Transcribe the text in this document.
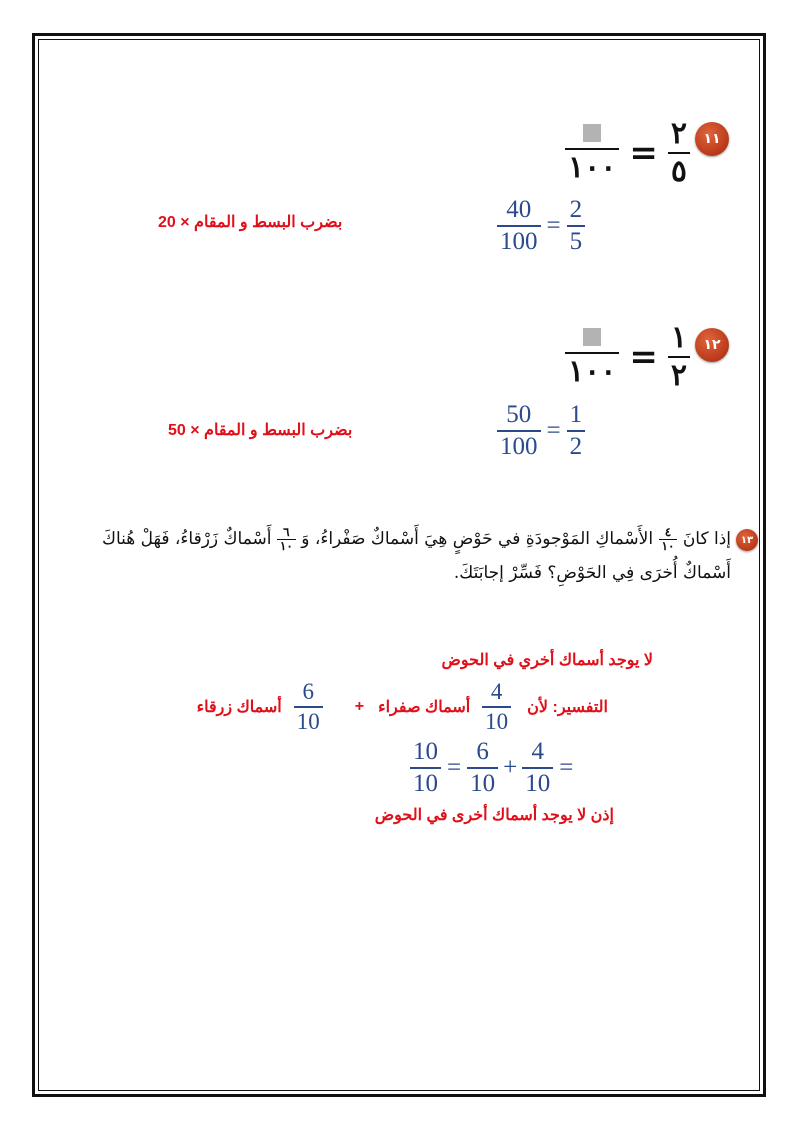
١١
١٠٠ = $\frac{٢}{٥}$
$\frac{40}{100} = \frac{2}{5}$
بضرب البسط و المقام × 20
١٢
١٠٠ = $\frac{١}{٢}$
$\frac{50}{100} = \frac{1}{2}$
بضرب البسط و المقام × 50
١٣
إذا كانَ
$\frac{٤}{١٠}$
الأَسْماكِ المَوْجودَةِ في حَوْضٍ هِيَ أَسْماكٌ صَفْراءُ، وَ
$\frac{٦}{١٠}$
أَسْماكٌ زَرْقاءُ، فَهَلْ هُناكَ أَسْماكٌ أُخرَى فِي الحَوْضِ؟ فَسِّرْ إجابَتَكَ.
لا يوجد أسماك أخري في الحوض
التفسير: لأن
$\frac{4}{10}$
أسماك صفراء
+
$\frac{6}{10}$
أسماك زرقاء
$\frac{10}{10} = \frac{6}{10} + \frac{4}{10}$ =
إذن لا يوجد أسماك أخرى في الحوض
